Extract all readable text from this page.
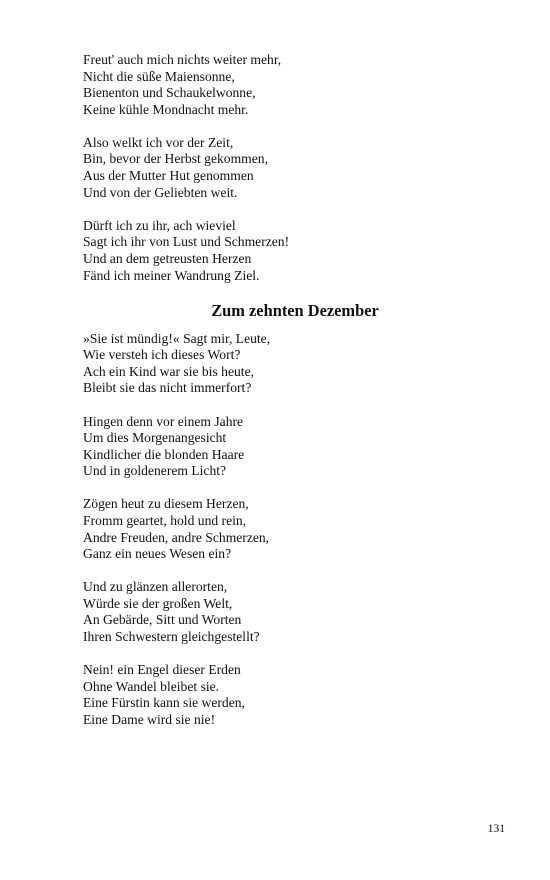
Freut' auch mich nichts weiter mehr,
Nicht die süße Maiensonne,
Bienenton und Schaukelwonne,
Keine kühle Mondnacht mehr.
Also welkt ich vor der Zeit,
Bin, bevor der Herbst gekommen,
Aus der Mutter Hut genommen
Und von der Geliebten weit.
Dürft ich zu ihr, ach wieviel
Sagt ich ihr von Lust und Schmerzen!
Und an dem getreusten Herzen
Fänd ich meiner Wandrung Ziel.
Zum zehnten Dezember
»Sie ist mündig!« Sagt mir, Leute,
Wie versteh ich dieses Wort?
Ach ein Kind war sie bis heute,
Bleibt sie das nicht immerfort?
Hingen denn vor einem Jahre
Um dies Morgenangesicht
Kindlicher die blonden Haare
Und in goldenerem Licht?
Zögen heut zu diesem Herzen,
Fromm geartet, hold und rein,
Andre Freuden, andre Schmerzen,
Ganz ein neues Wesen ein?
Und zu glänzen allerorten,
Würde sie der großen Welt,
An Gebärde, Sitt und Worten
Ihren Schwestern gleichgestellt?
Nein! ein Engel dieser Erden
Ohne Wandel bleibet sie.
Eine Fürstin kann sie werden,
Eine Dame wird sie nie!
131
